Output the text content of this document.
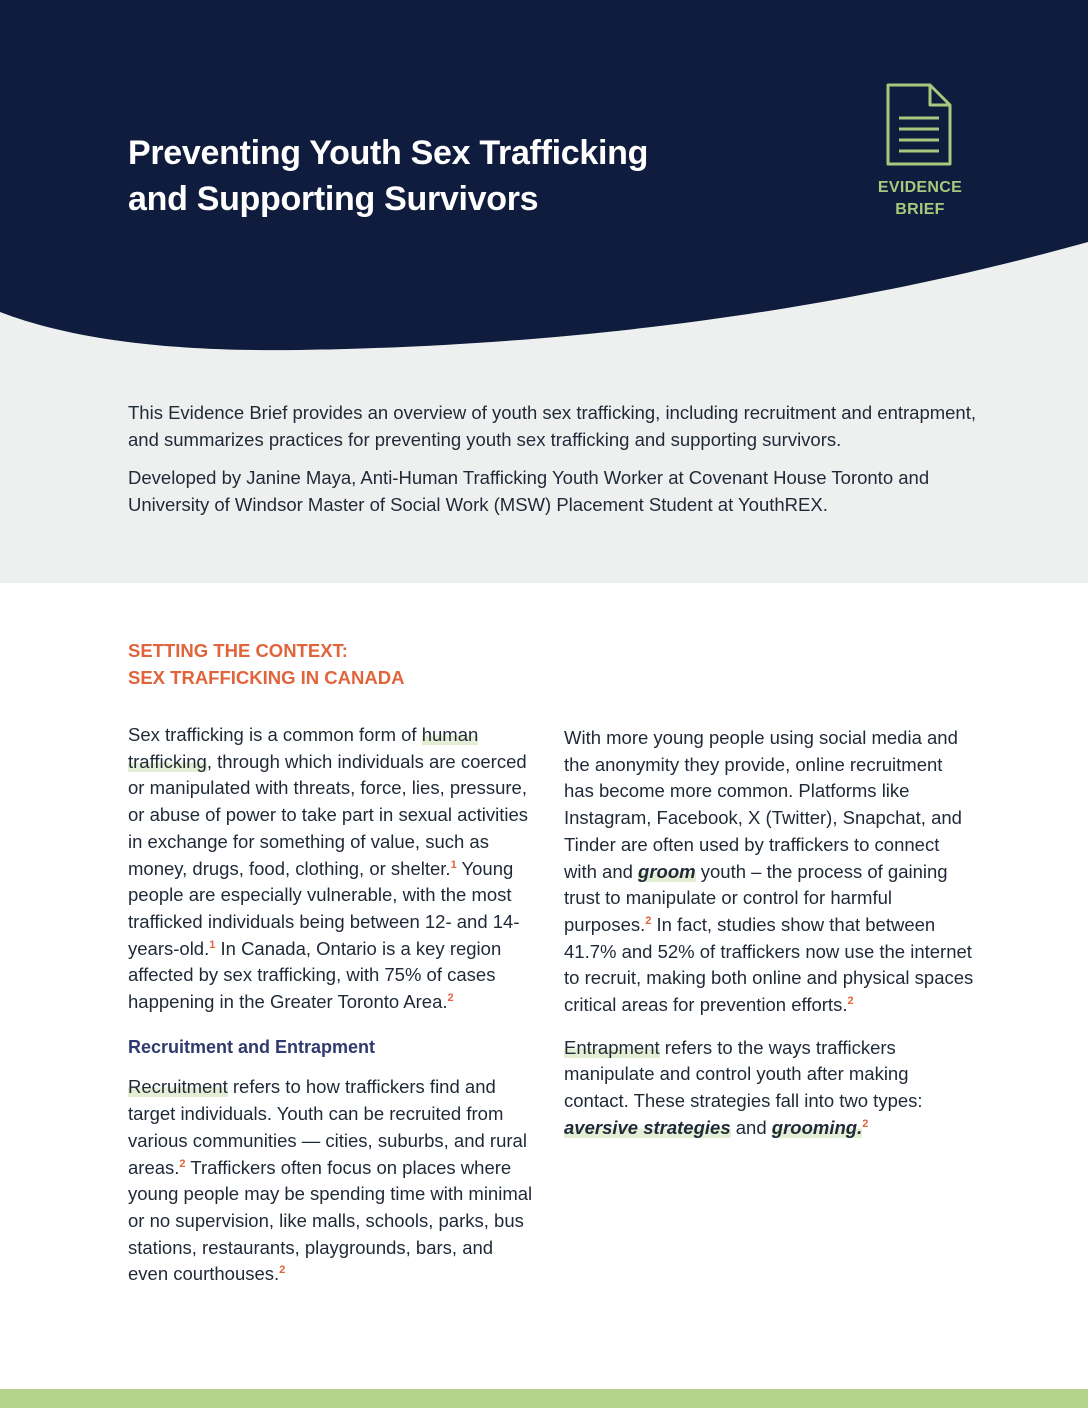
Preventing Youth Sex Trafficking
and Supporting Survivors	EVIDENCE
BRIEF

This Evidence Brief provides an overview of youth sex trafficking, including recruitment and entrapment, and summarizes practices for preventing youth sex trafficking and supporting survivors.

Developed by Janine Maya, Anti-Human Trafficking Youth Worker at Covenant House Toronto and University of Windsor Master of Social Work (MSW) Placement Student at YouthREX.

SETTING THE CONTEXT:
SEX TRAFFICKING IN CANADA

Sex trafficking is a common form of human trafficking, through which individuals are coerced or manipulated with threats, force, lies, pressure, or abuse of power to take part in sexual activities in exchange for something of value, such as money, drugs, food, clothing, or shelter.$^1$ Young people are especially vulnerable, with the most trafficked individuals being between 12- and 14-years-old.$^1$ In Canada, Ontario is a key region affected by sex trafficking, with 75% of cases happening in the Greater Toronto Area.$^2$

Recruitment and Entrapment

Recruitment refers to how traffickers find and target individuals. Youth can be recruited from various communities — cities, suburbs, and rural areas.$^2$ Traffickers often focus on places where young people may be spending time with minimal or no supervision, like malls, schools, parks, bus stations, restaurants, playgrounds, bars, and even courthouses.$^2$

With more young people using social media and the anonymity they provide, online recruitment has become more common. Platforms like Instagram, Facebook, X (Twitter), Snapchat, and Tinder are often used by traffickers to connect with and groom youth – the process of gaining trust to manipulate or control for harmful purposes.$^2$ In fact, studies show that between 41.7% and 52% of traffickers now use the internet to recruit, making both online and physical spaces critical areas for prevention efforts.$^2$

Entrapment refers to the ways traffickers manipulate and control youth after making contact. These strategies fall into two types: aversive strategies and grooming.$^2$
